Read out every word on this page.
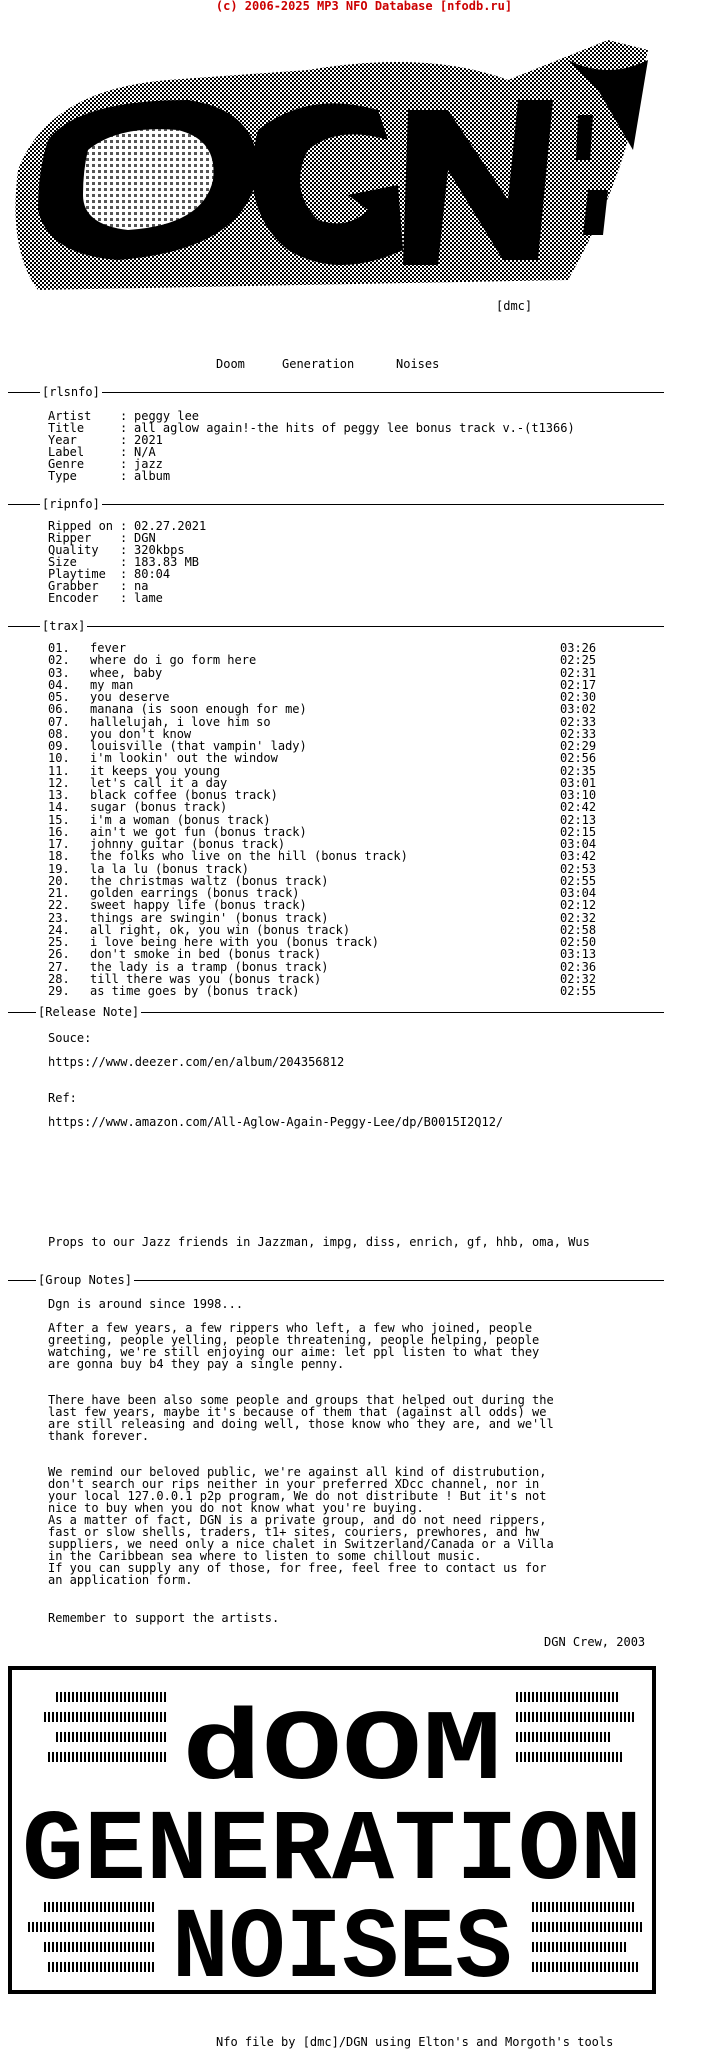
(c) 2006-2025 MP3 NFO Database [nfodb.ru]
[dmc]
Doom	Generation	Noises
[rlsnfo]
Artist : peggy lee
Title	: all aglow again!-the hits of peggy lee bonus track v.-(t1366)
Year	: 2021
Label	: N/A
Genre	: jazz
Type	: album
[ripnfo]
Ripped on : 02.27.2021
Ripper : DGN
Quality : 320kbps
Size	: 183.83 MB
Playtime : 80:04
Grabber : na
Encoder : lame
[trax]
01. fever	03:26
02. where do i go form here	02:25
03. whee, baby	02:31
04. my man	02:17
05. you deserve	02:30
06. manana (is soon enough for me)	03:02
07. hallelujah, i love him so	02:33
08. you don't know	02:33
09. louisville (that vampin' lady)	02:29
10. i'm lookin' out the window	02:56
11. it keeps you young	02:35
12. let's call it a day	03:01
13. black coffee (bonus track)	03:10
14. sugar (bonus track)	02:42
15. i'm a woman (bonus track)	02:13
16. ain't we got fun (bonus track)	02:15
17. johnny guitar (bonus track)	03:04
18. the folks who live on the hill (bonus track)	03:42
19. la la lu (bonus track)	02:53
20. the christmas waltz (bonus track)	02:55
21. golden earrings (bonus track)	03:04
22. sweet happy life (bonus track)	02:12
23. things are swingin' (bonus track)	02:32
24. all right, ok, you win (bonus track)	02:58
25. i love being here with you (bonus track)	02:50
26. don't smoke in bed (bonus track)	03:13
27. the lady is a tramp (bonus track)	02:36
28. till there was you (bonus track)	02:32
29. as time goes by (bonus track)	02:55
[Release Note]
Souce:
https://www.deezer.com/en/album/204356812
Ref:
https://www.amazon.com/All-Aglow-Again-Peggy-Lee/dp/B0015I2Q12/
Props to our Jazz friends in Jazzman, impg, diss, enrich, gf, hhb, oma, Wus
[Group Notes]
Dgn is around since 1998...
After a few years, a few rippers who left, a few who joined, people
greeting, people yelling, people threatening, people helping, people
watching, we're still enjoying our aime: let ppl listen to what they
are gonna buy b4 they pay a single penny.
There have been also some people and groups that helped out during the
last few years, maybe it's because of them that (against all odds) we
are still releasing and doing well, those know who they are, and we'll
thank forever.
We remind our beloved public, we're against all kind of distrubution,
don't search our rips neither in your preferred XDcc channel, nor in
your local 127.0.0.1 p2p program, We do not distribute ! But it's not
nice to buy when you do not know what you're buying.
As a matter of fact, DGN is a private group, and do not need rippers,
fast or slow shells, traders, t1+ sites, couriers, prewhores, and hw
suppliers, we need only a nice chalet in Switzerland/Canada or a Villa
in the Caribbean sea where to listen to some chillout music.
If you can supply any of those, for free, feel free to contact us for
an application form.
Remember to support the artists.
DGN Crew, 2003
dOOM
GENERATION
NOISES
Nfo file by [dmc]/DGN using Elton's and Morgoth's tools
